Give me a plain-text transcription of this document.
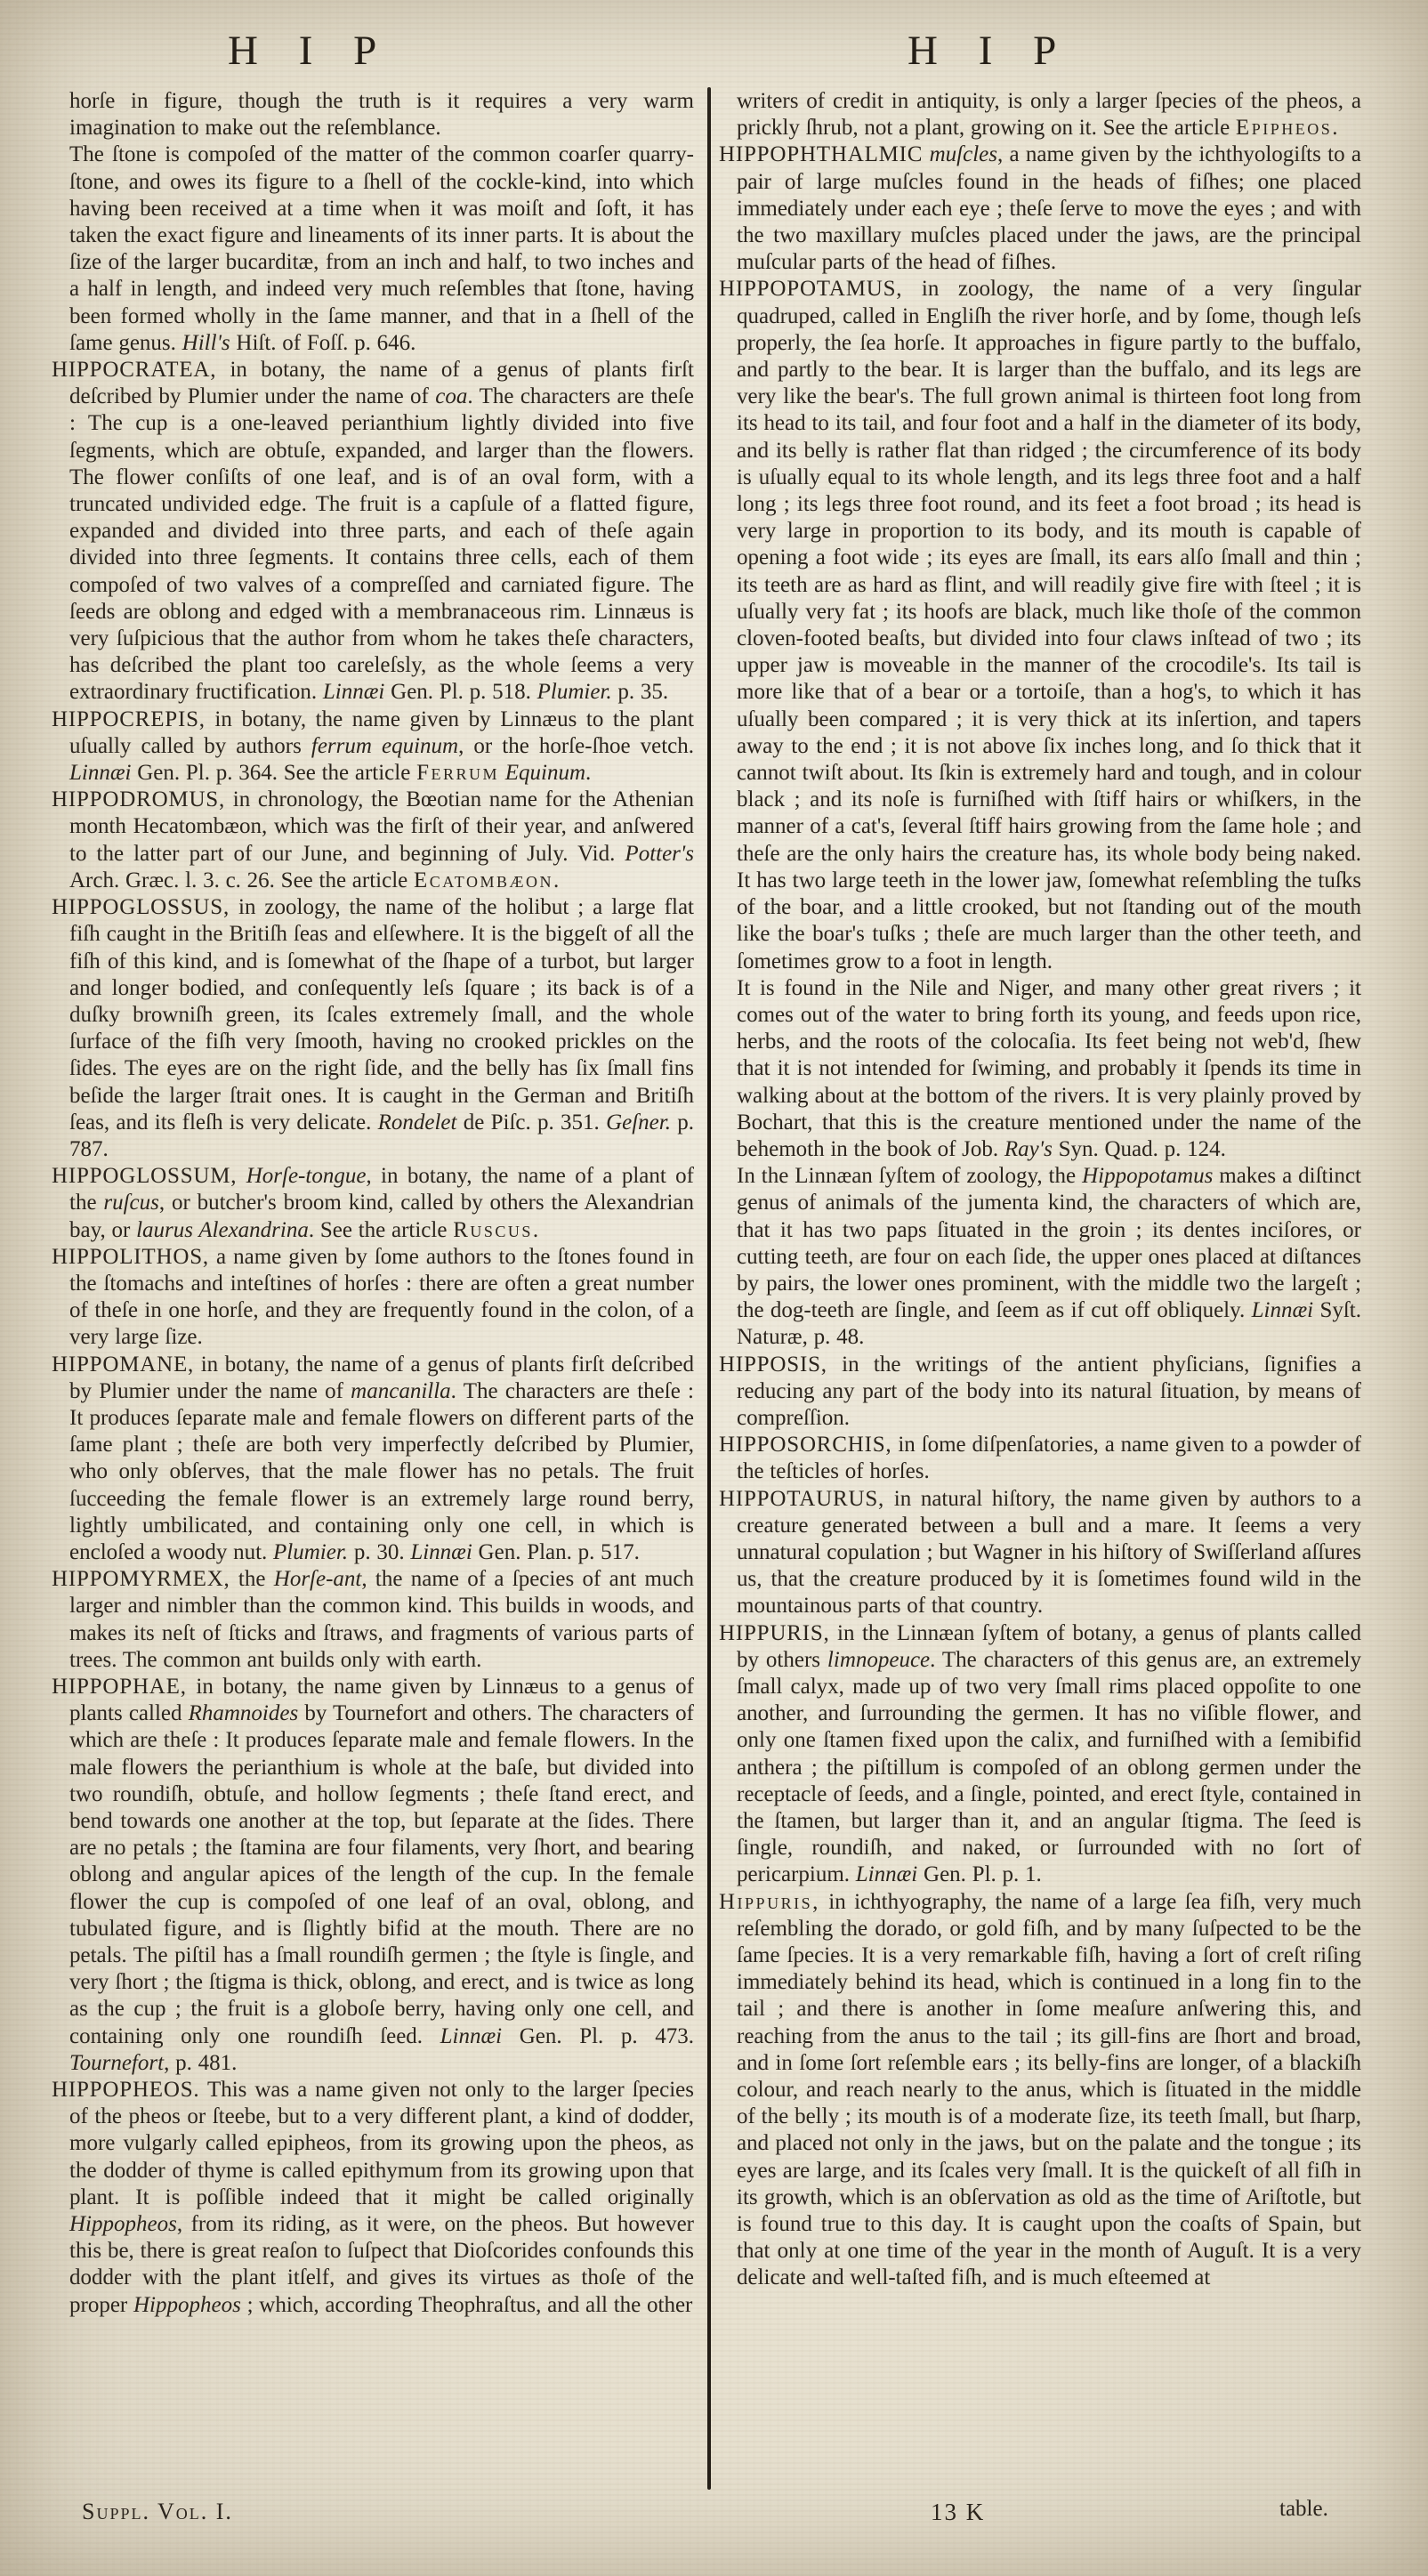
H I P	H I P

horſe in figure, though the truth is it requires a very warm imagination to make out the reſemblance.

The ſtone is compoſed of the matter of the common coarſer quarry-ſtone, and owes its figure to a ſhell of the cockle-kind, into which having been received at a time when it was moiſt and ſoft, it has taken the exact figure and lineaments of its inner parts. It is about the ſize of the larger bucarditæ, from an inch and half, to two inches and a half in length, and indeed very much reſembles that ſtone, having been formed wholly in the ſame manner, and that in a ſhell of the ſame genus. Hill's Hiſt. of Foſſ. p. 646.

HIPPOCRATEA, in botany, the name of a genus of plants firſt deſcribed by Plumier under the name of coa. The characters are theſe : The cup is a one-leaved perianthium lightly divided into five ſegments, which are obtuſe, expanded, and larger than the flowers. The flower conſiſts of one leaf, and is of an oval form, with a truncated undivided edge. The fruit is a capſule of a flatted figure, expanded and divided into three parts, and each of theſe again divided into three ſegments. It contains three cells, each of them compoſed of two valves of a compreſſed and carniated figure. The ſeeds are oblong and edged with a membranaceous rim. Linnæus is very ſuſpicious that the author from whom he takes theſe characters, has deſcribed the plant too careleſsly, as the whole ſeems a very extraordinary fructification. Linnæi Gen. Pl. p. 518. Plumier. p. 35.

HIPPOCREPIS, in botany, the name given by Linnæus to the plant uſually called by authors ferrum equinum, or the horſe-ſhoe vetch. Linnæi Gen. Pl. p. 364. See the article Ferrum Equinum.

HIPPODROMUS, in chronology, the Bœotian name for the Athenian month Hecatombæon, which was the firſt of their year, and anſwered to the latter part of our June, and beginning of July. Vid. Potter's Arch. Græc. l. 3. c. 26. See the article Ecatombæon.

HIPPOGLOSSUS, in zoology, the name of the holibut ; a large flat fiſh caught in the Britiſh ſeas and elſewhere. It is the biggeſt of all the fiſh of this kind, and is ſomewhat of the ſhape of a turbot, but larger and longer bodied, and conſequently leſs ſquare ; its back is of a duſky browniſh green, its ſcales extremely ſmall, and the whole ſurface of the fiſh very ſmooth, having no crooked prickles on the ſides. The eyes are on the right ſide, and the belly has ſix ſmall fins beſide the larger ſtrait ones. It is caught in the German and Britiſh ſeas, and its fleſh is very delicate. Rondelet de Piſc. p. 351. Geſner. p. 787.

HIPPOGLOSSUM, Horſe-tongue, in botany, the name of a plant of the ruſcus, or butcher's broom kind, called by others the Alexandrian bay, or laurus Alexandrina. See the article Ruscus.

HIPPOLITHOS, a name given by ſome authors to the ſtones found in the ſtomachs and inteſtines of horſes : there are often a great number of theſe in one horſe, and they are frequently found in the colon, of a very large ſize.

HIPPOMANE, in botany, the name of a genus of plants firſt deſcribed by Plumier under the name of mancanilla. The characters are theſe : It produces ſeparate male and female flowers on different parts of the ſame plant ; theſe are both very imperfectly deſcribed by Plumier, who only obſerves, that the male flower has no petals. The fruit ſucceeding the female flower is an extremely large round berry, lightly umbilicated, and containing only one cell, in which is encloſed a woody nut. Plumier. p. 30. Linnæi Gen. Plan. p. 517.

HIPPOMYRMEX, the Horſe-ant, the name of a ſpecies of ant much larger and nimbler than the common kind. This builds in woods, and makes its neſt of ſticks and ſtraws, and fragments of various parts of trees. The common ant builds only with earth.

HIPPOPHAE, in botany, the name given by Linnæus to a genus of plants called Rhamnoides by Tournefort and others. The characters of which are theſe : It produces ſeparate male and female flowers. In the male flowers the perianthium is whole at the baſe, but divided into two roundiſh, obtuſe, and hollow ſegments ; theſe ſtand erect, and bend towards one another at the top, but ſeparate at the ſides. There are no petals ; the ſtamina are four filaments, very ſhort, and bearing oblong and angular apices of the length of the cup. In the female flower the cup is compoſed of one leaf of an oval, oblong, and tubulated figure, and is ſlightly bifid at the mouth. There are no petals. The piſtil has a ſmall roundiſh germen ; the ſtyle is ſingle, and very ſhort ; the ſtigma is thick, oblong, and erect, and is twice as long as the cup ; the fruit is a globoſe berry, having only one cell, and containing only one roundiſh ſeed. Linnæi Gen. Pl. p. 473. Tournefort, p. 481.

HIPPOPHEOS. This was a name given not only to the larger ſpecies of the pheos or ſteebe, but to a very different plant, a kind of dodder, more vulgarly called epipheos, from its growing upon the pheos, as the dodder of thyme is called epithymum from its growing upon that plant. It is poſſible indeed that it might be called originally Hippopheos, from its riding, as it were, on the pheos. But however this be, there is great reaſon to ſuſpect that Dioſcorides confounds this dodder with the plant itſelf, and gives its virtues as thoſe of the proper Hippopheos ; which, according Theophraſtus, and all the other

writers of credit in antiquity, is only a larger ſpecies of the pheos, a prickly ſhrub, not a plant, growing on it. See the article Epipheos.

HIPPOPHTHALMIC muſcles, a name given by the ichthyologiſts to a pair of large muſcles found in the heads of fiſhes; one placed immediately under each eye ; theſe ſerve to move the eyes ; and with the two maxillary muſcles placed under the jaws, are the principal muſcular parts of the head of fiſhes.

HIPPOPOTAMUS, in zoology, the name of a very ſingular quadruped, called in Engliſh the river horſe, and by ſome, though leſs properly, the ſea horſe. It approaches in figure partly to the buffalo, and partly to the bear. It is larger than the buffalo, and its legs are very like the bear's. The full grown animal is thirteen foot long from its head to its tail, and four foot and a half in the diameter of its body, and its belly is rather flat than ridged ; the circumference of its body is uſually equal to its whole length, and its legs three foot and a half long ; its legs three foot round, and its feet a foot broad ; its head is very large in proportion to its body, and its mouth is capable of opening a foot wide ; its eyes are ſmall, its ears alſo ſmall and thin ; its teeth are as hard as flint, and will readily give fire with ſteel ; it is uſually very fat ; its hoofs are black, much like thoſe of the common cloven-footed beaſts, but divided into four claws inſtead of two ; its upper jaw is moveable in the manner of the crocodile's. Its tail is more like that of a bear or a tortoiſe, than a hog's, to which it has uſually been compared ; it is very thick at its inſertion, and tapers away to the end ; it is not above ſix inches long, and ſo thick that it cannot twiſt about. Its ſkin is extremely hard and tough, and in colour black ; and its noſe is furniſhed with ſtiff hairs or whiſkers, in the manner of a cat's, ſeveral ſtiff hairs growing from the ſame hole ; and theſe are the only hairs the creature has, its whole body being naked. It has two large teeth in the lower jaw, ſomewhat reſembling the tuſks of the boar, and a little crooked, but not ſtanding out of the mouth like the boar's tuſks ; theſe are much larger than the other teeth, and ſometimes grow to a foot in length.

It is found in the Nile and Niger, and many other great rivers ; it comes out of the water to bring forth its young, and feeds upon rice, herbs, and the roots of the colocaſia. Its feet being not web'd, ſhew that it is not intended for ſwiming, and probably it ſpends its time in walking about at the bottom of the rivers. It is very plainly proved by Bochart, that this is the creature mentioned under the name of the behemoth in the book of Job. Ray's Syn. Quad. p. 124.

In the Linnæan ſyſtem of zoology, the Hippopotamus makes a diſtinct genus of animals of the jumenta kind, the characters of which are, that it has two paps ſituated in the groin ; its dentes inciſores, or cutting teeth, are four on each ſide, the upper ones placed at diſtances by pairs, the lower ones prominent, with the middle two the largeſt ; the dog-teeth are ſingle, and ſeem as if cut off obliquely. Linnæi Syſt. Naturæ, p. 48.

HIPPOSIS, in the writings of the antient phyſicians, ſignifies a reducing any part of the body into its natural ſituation, by means of compreſſion.

HIPPOSORCHIS, in ſome diſpenſatories, a name given to a powder of the teſticles of horſes.

HIPPOTAURUS, in natural hiſtory, the name given by authors to a creature generated between a bull and a mare. It ſeems a very unnatural copulation ; but Wagner in his hiſtory of Swiſſerland aſſures us, that the creature produced by it is ſometimes found wild in the mountainous parts of that country.

HIPPURIS, in the Linnæan ſyſtem of botany, a genus of plants called by others limnopeuce. The characters of this genus are, an extremely ſmall calyx, made up of two very ſmall rims placed oppoſite to one another, and ſurrounding the germen. It has no viſible flower, and only one ſtamen fixed upon the calix, and furniſhed with a ſemibifid anthera ; the piſtillum is compoſed of an oblong germen under the receptacle of ſeeds, and a ſingle, pointed, and erect ſtyle, contained in the ſtamen, but larger than it, and an angular ſtigma. The ſeed is ſingle, roundiſh, and naked, or ſurrounded with no ſort of pericarpium. Linnæi Gen. Pl. p. 1.

Hippuris, in ichthyography, the name of a large ſea fiſh, very much reſembling the dorado, or gold fiſh, and by many ſuſpected to be the ſame ſpecies. It is a very remarkable fiſh, having a ſort of creſt riſing immediately behind its head, which is continued in a long fin to the tail ; and there is another in ſome meaſure anſwering this, and reaching from the anus to the tail ; its gill-fins are ſhort and broad, and in ſome ſort reſemble ears ; its belly-fins are longer, of a blackiſh colour, and reach nearly to the anus, which is ſituated in the middle of the belly ; its mouth is of a moderate ſize, its teeth ſmall, but ſharp, and placed not only in the jaws, but on the palate and the tongue ; its eyes are large, and its ſcales very ſmall. It is the quickeſt of all fiſh in its growth, which is an obſervation as old as the time of Ariſtotle, but is found true to this day. It is caught upon the coaſts of Spain, but that only at one time of the year in the month of Auguſt. It is a very delicate and well-taſted fiſh, and is much eſteemed at

Suppl. Vol. I.	13 K	table.
